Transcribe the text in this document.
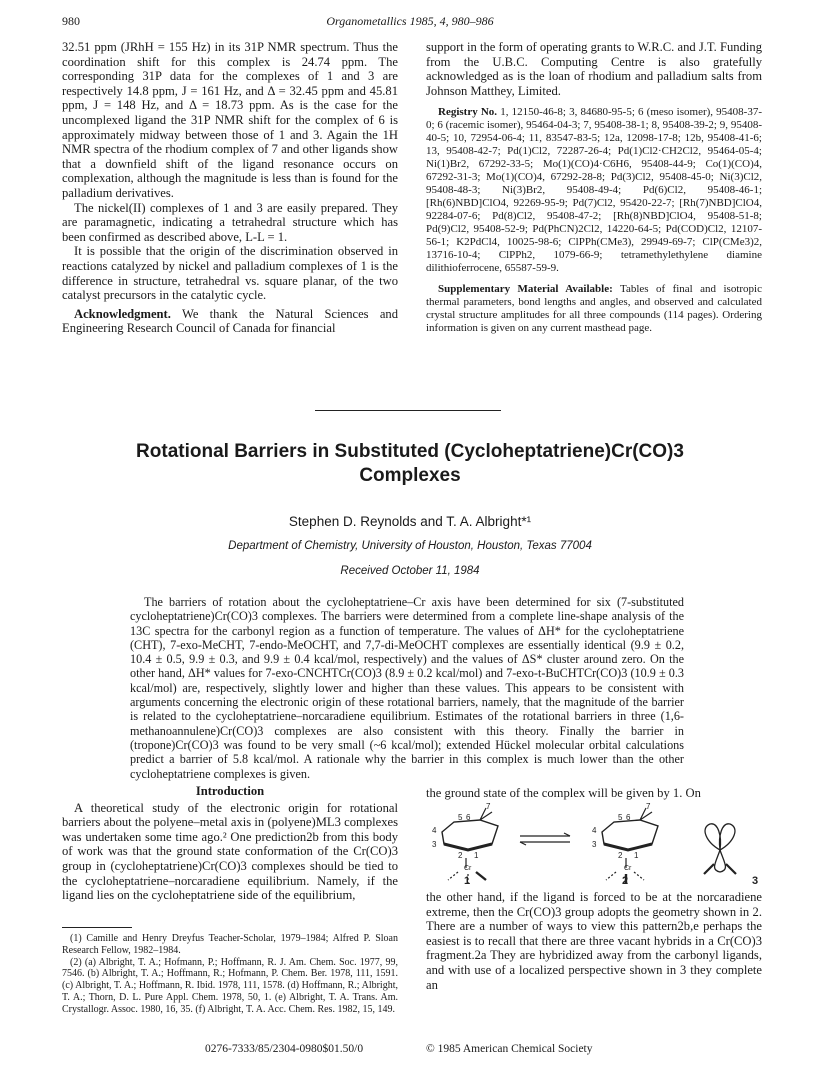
980	Organometallics 1985, 4, 980–986

32.51 ppm (JRhH = 155 Hz) in its 31P NMR spectrum. Thus the coordination shift for this complex is 24.74 ppm. The corresponding 31P data for the complexes of 1 and 3 are respectively 14.8 ppm, J = 161 Hz, and Δ = 32.45 ppm and 45.81 ppm, J = 148 Hz, and Δ = 18.73 ppm. As is the case for the uncomplexed ligand the 31P NMR shift for the complex of 6 is approximately midway between those of 1 and 3. Again the 1H NMR spectra of the rhodium complex of 7 and other ligands show that a downfield shift of the ligand resonance occurs on complexation, although the magnitude is less than is found for the palladium derivatives.

The nickel(II) complexes of 1 and 3 are easily prepared. They are paramagnetic, indicating a tetrahedral structure which has been confirmed as described above, L-L = 1.

It is possible that the origin of the discrimination observed in reactions catalyzed by nickel and palladium complexes of 1 is the difference in structure, tetrahedral vs. square planar, of the two catalyst precursors in the catalytic cycle.

Acknowledgment. We thank the Natural Sciences and Engineering Research Council of Canada for financial

support in the form of operating grants to W.R.C. and J.T. Funding from the U.B.C. Computing Centre is also gratefully acknowledged as is the loan of rhodium and palladium salts from Johnson Matthey, Limited.

Registry No. 1, 12150-46-8; 3, 84680-95-5; 6 (meso isomer), 95408-37-0; 6 (racemic isomer), 95464-04-3; 7, 95408-38-1; 8, 95408-39-2; 9, 95408-40-5; 10, 72954-06-4; 11, 83547-83-5; 12a, 12098-17-8; 12b, 95408-41-6; 13, 95408-42-7; Pd(1)Cl2, 72287-26-4; Pd(1)Cl2·CH2Cl2, 95464-05-4; Ni(1)Br2, 67292-33-5; Mo(1)(CO)4·C6H6, 95408-44-9; Co(1)(CO)4, 67292-31-3; Mo(1)(CO)4, 67292-28-8; Pd(3)Cl2, 95408-45-0; Ni(3)Cl2, 95408-48-3; Ni(3)Br2, 95408-49-4; Pd(6)Cl2, 95408-46-1; [Rh(6)NBD]ClO4, 92269-95-9; Pd(7)Cl2, 95420-22-7; [Rh(7)NBD]ClO4, 92284-07-6; Pd(8)Cl2, 95408-47-2; [Rh(8)NBD]ClO4, 95408-51-8; Pd(9)Cl2, 95408-52-9; Pd(PhCN)2Cl2, 14220-64-5; Pd(COD)Cl2, 12107-56-1; K2PdCl4, 10025-98-6; ClPPh(CMe3), 29949-69-7; ClP(CMe3)2, 13716-10-4; ClPPh2, 1079-66-9; tetramethylethylene diamine dilithioferrocene, 65587-59-9.

Supplementary Material Available: Tables of final and isotropic thermal parameters, bond lengths and angles, and observed and calculated crystal structure amplitudes for all three compounds (114 pages). Ordering information is given on any current masthead page.

Rotational Barriers in Substituted (Cycloheptatriene)Cr(CO)3
Complexes
Stephen D. Reynolds and T. A. Albright*¹
Department of Chemistry, University of Houston, Houston, Texas 77004
Received October 11, 1984
The barriers of rotation about the cycloheptatriene–Cr axis have been determined for six (7-substituted cycloheptatriene)Cr(CO)3 complexes. The barriers were determined from a complete line-shape analysis of the 13C spectra for the carbonyl region as a function of temperature. The values of ΔH* for the cycloheptatriene (CHT), 7-exo-MeCHT, 7-endo-MeOCHT, and 7,7-di-MeOCHT complexes are essentially identical (9.9 ± 0.2, 10.4 ± 0.5, 9.9 ± 0.3, and 9.9 ± 0.4 kcal/mol, respectively) and the values of ΔS* cluster around zero. On the other hand, ΔH* values for 7-exo-CNCHTCr(CO)3 (8.9 ± 0.2 kcal/mol) and 7-exo-t-BuCHTCr(CO)3 (10.9 ± 0.3 kcal/mol) are, respectively, slightly lower and higher than these values. This appears to be consistent with arguments concerning the electronic origin of these rotational barriers, namely, that the magnitude of the barrier is related to the cycloheptatriene–norcaradiene equilibrium. Estimates of the rotational barriers in three (1,6-methanoannulene)Cr(CO)3 complexes are also consistent with this theory. Finally the barrier in (tropone)Cr(CO)3 was found to be very small (~6 kcal/mol); extended Hückel molecular orbital calculations predict a barrier of 5.8 kcal/mol. A rationale why the barrier in this complex is much lower than the other cycloheptatriene complexes is given.
Introduction

A theoretical study of the electronic origin for rotational barriers about the polyene–metal axis in (polyene)ML3 complexes was undertaken some time ago.² One prediction2b from this body of work was that the ground state conformation of the Cr(CO)3 group in (cycloheptatriene)Cr(CO)3 complexes should be tied to the cycloheptatriene–norcaradiene equilibrium. Namely, if the ligand lies on the cycloheptatriene side of the equilibrium,

(1) Camille and Henry Dreyfus Teacher-Scholar, 1979–1984; Alfred P. Sloan Research Fellow, 1982–1984.

(2) (a) Albright, T. A.; Hofmann, P.; Hoffmann, R. J. Am. Chem. Soc. 1977, 99, 7546. (b) Albright, T. A.; Hoffmann, R.; Hofmann, P. Chem. Ber. 1978, 111, 1591. (c) Albright, T. A.; Hoffmann, R. Ibid. 1978, 111, 1578. (d) Hoffmann, R.; Albright, T. A.; Thorn, D. L. Pure Appl. Chem. 1978, 50, 1. (e) Albright, T. A. Trans. Am. Crystallogr. Assoc. 1980, 16, 35. (f) Albright, T. A. Acc. Chem. Res. 1982, 15, 149.

the ground state of the complex will be given by 1. On
7
5 6
4
3
2 1
Cr
7
5 6
4
3
2 1
Cr
1	2	3
the other hand, if the ligand is forced to be at the norcaradiene extreme, then the Cr(CO)3 group adopts the geometry shown in 2. There are a number of ways to view this pattern2b,e perhaps the easiest is to recall that there are three vacant hybrids in a Cr(CO)3 fragment.2a They are hybridized away from the carbonyl ligands, and with use of a localized perspective shown in 3 they complete an
0276-7333/85/2304-0980$01.50/0	© 1985 American Chemical Society
